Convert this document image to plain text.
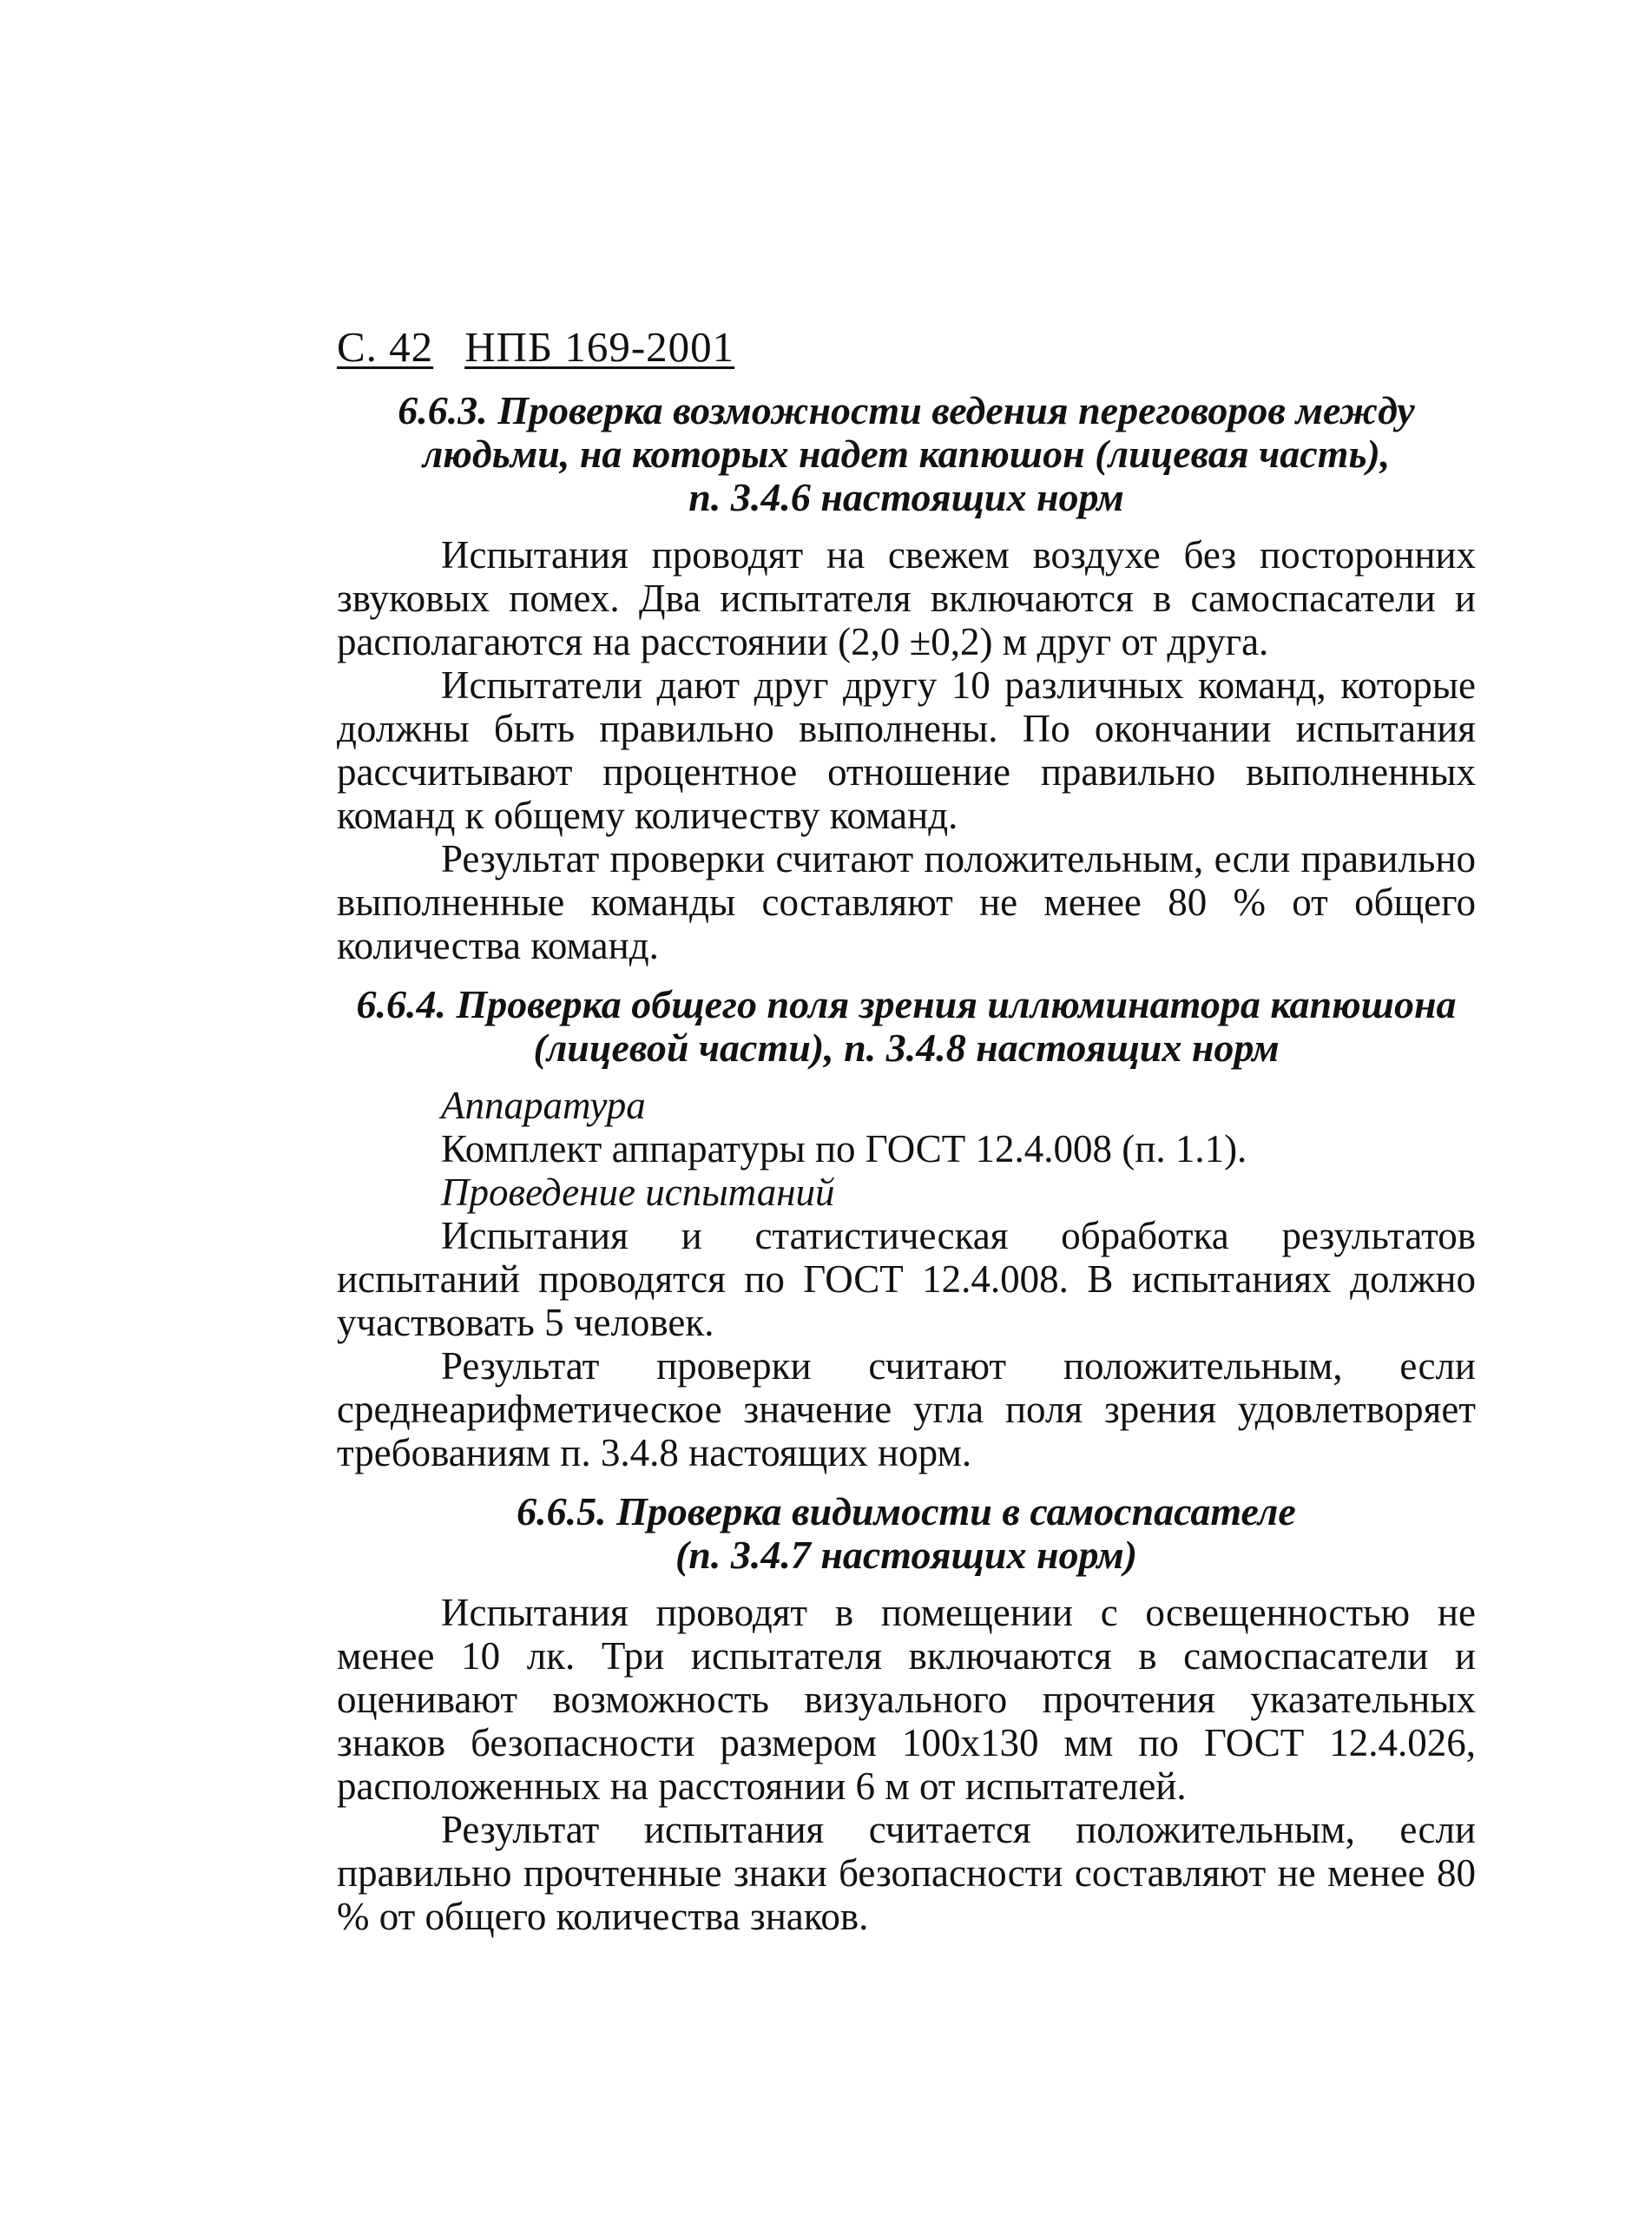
С. 42 НПБ 169-2001
6.6.3. Проверка возможности ведения переговоров между
людьми, на которых надет капюшон (лицевая часть),
п. 3.4.6 настоящих норм

Испытания проводят на свежем воздухе без посторонних звуковых помех. Два испытателя включаются в самоспасатели и располагаются на расстоянии (2,0 ±0,2) м друг от друга.

Испытатели дают друг другу 10 различных команд, которые должны быть правильно выполнены. По окончании испытания рассчитывают процентное отношение правильно выполненных команд к общему количеству команд.

Результат проверки считают положительным, если правильно выполненные команды составляют не менее 80 % от общего количества команд.

6.6.4. Проверка общего поля зрения иллюминатора капюшона
(лицевой части), п. 3.4.8 настоящих норм

Аппаратура

Комплект аппаратуры по ГОСТ 12.4.008 (п. 1.1).

Проведение испытаний

Испытания и статистическая обработка результатов испытаний проводятся по ГОСТ 12.4.008. В испытаниях должно участвовать 5 человек.

Результат проверки считают положительным, если среднеарифметическое значение угла поля зрения удовлетворяет требованиям п. 3.4.8 настоящих норм.

6.6.5. Проверка видимости в самоспасателе
(п. 3.4.7 настоящих норм)

Испытания проводят в помещении с освещенностью не менее 10 лк. Три испытателя включаются в самоспасатели и оценивают возможность визуального прочтения указательных знаков безопасности размером 100х130 мм по ГОСТ 12.4.026, расположенных на расстоянии 6 м от испытателей.

Результат испытания считается положительным, если правильно прочтенные знаки безопасности составляют не менее 80 % от общего количества знаков.
